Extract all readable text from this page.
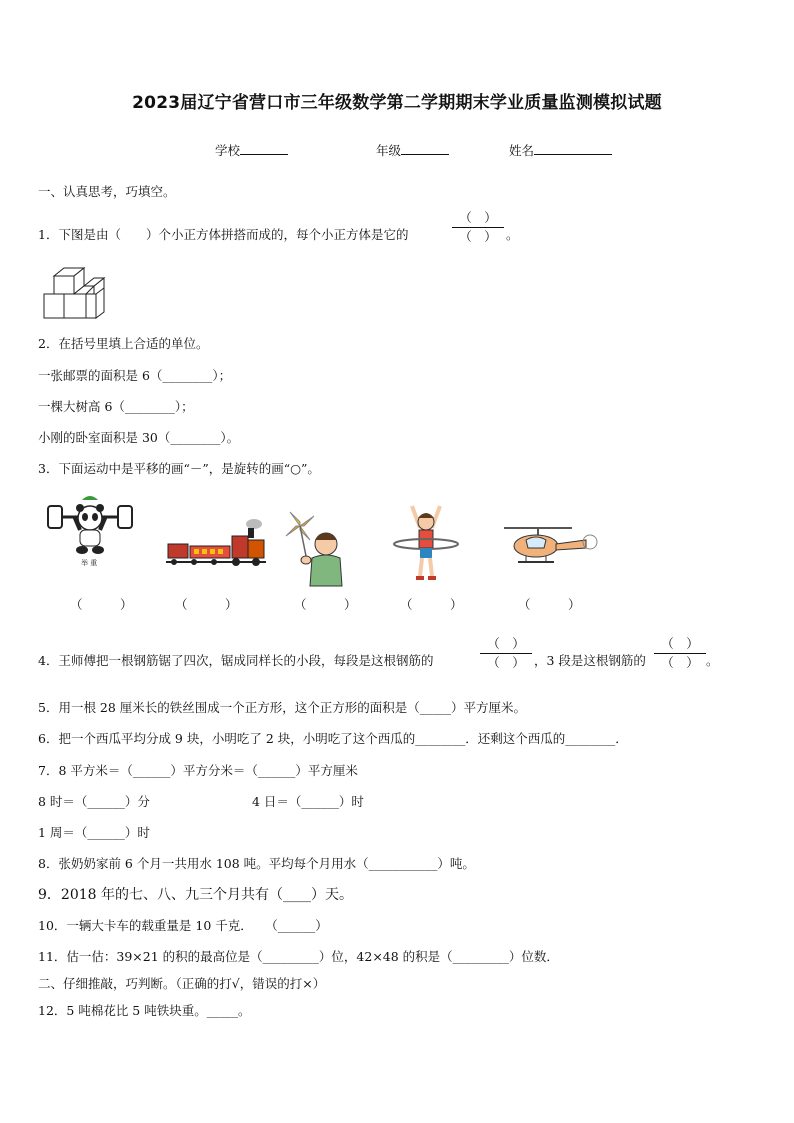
2023届辽宁省营口市三年级数学第二学期期末学业质量监测模拟试题
学校	年级	姓名
一、认真思考，巧填空。
1．下图是由（　　）个小正方体拼搭而成的，每个小正方体是它的
（　）
（　） 。
2．在括号里填上合适的单位。
一张邮票的面积是 6（________）；
一棵大树高 6（________）；
小刚的卧室面积是 30（________）。
3．下面运动中是平移的画“－”，是旋转的画“○”。
举 重
（　　　）	（　　　）	（　　　）	（　　　）	（　　　）
4．王师傅把一根钢筋锯了四次，锯成同样长的小段，每段是这根钢筋的
（　）
（　） ，3 段是这根钢筋的
（　）
（　） 。
5．用一根 28 厘米长的铁丝围成一个正方形，这个正方形的面积是（_____）平方厘米。
6．把一个西瓜平均分成 9 块，小明吃了 2 块，小明吃了这个西瓜的________．还剩这个西瓜的________．
7．8 平方米＝（______）平方分米＝（______）平方厘米
8 时＝（______）分	4 日＝（______）时
1 周＝（______）时
8．张奶奶家前 6 个月一共用水 108 吨。平均每个月用水（___________）吨。
9．2018 年的七、八、九三个月共有（____）天。
10．一辆大卡车的载重量是 10 千克．　　（______）
11．估一估：39×21 的积的最高位是（_________）位，42×48 的积是（_________）位数．
二、仔细推敲，巧判断。（正确的打√，错误的打×）
12．5 吨棉花比 5 吨铁块重。_____。
